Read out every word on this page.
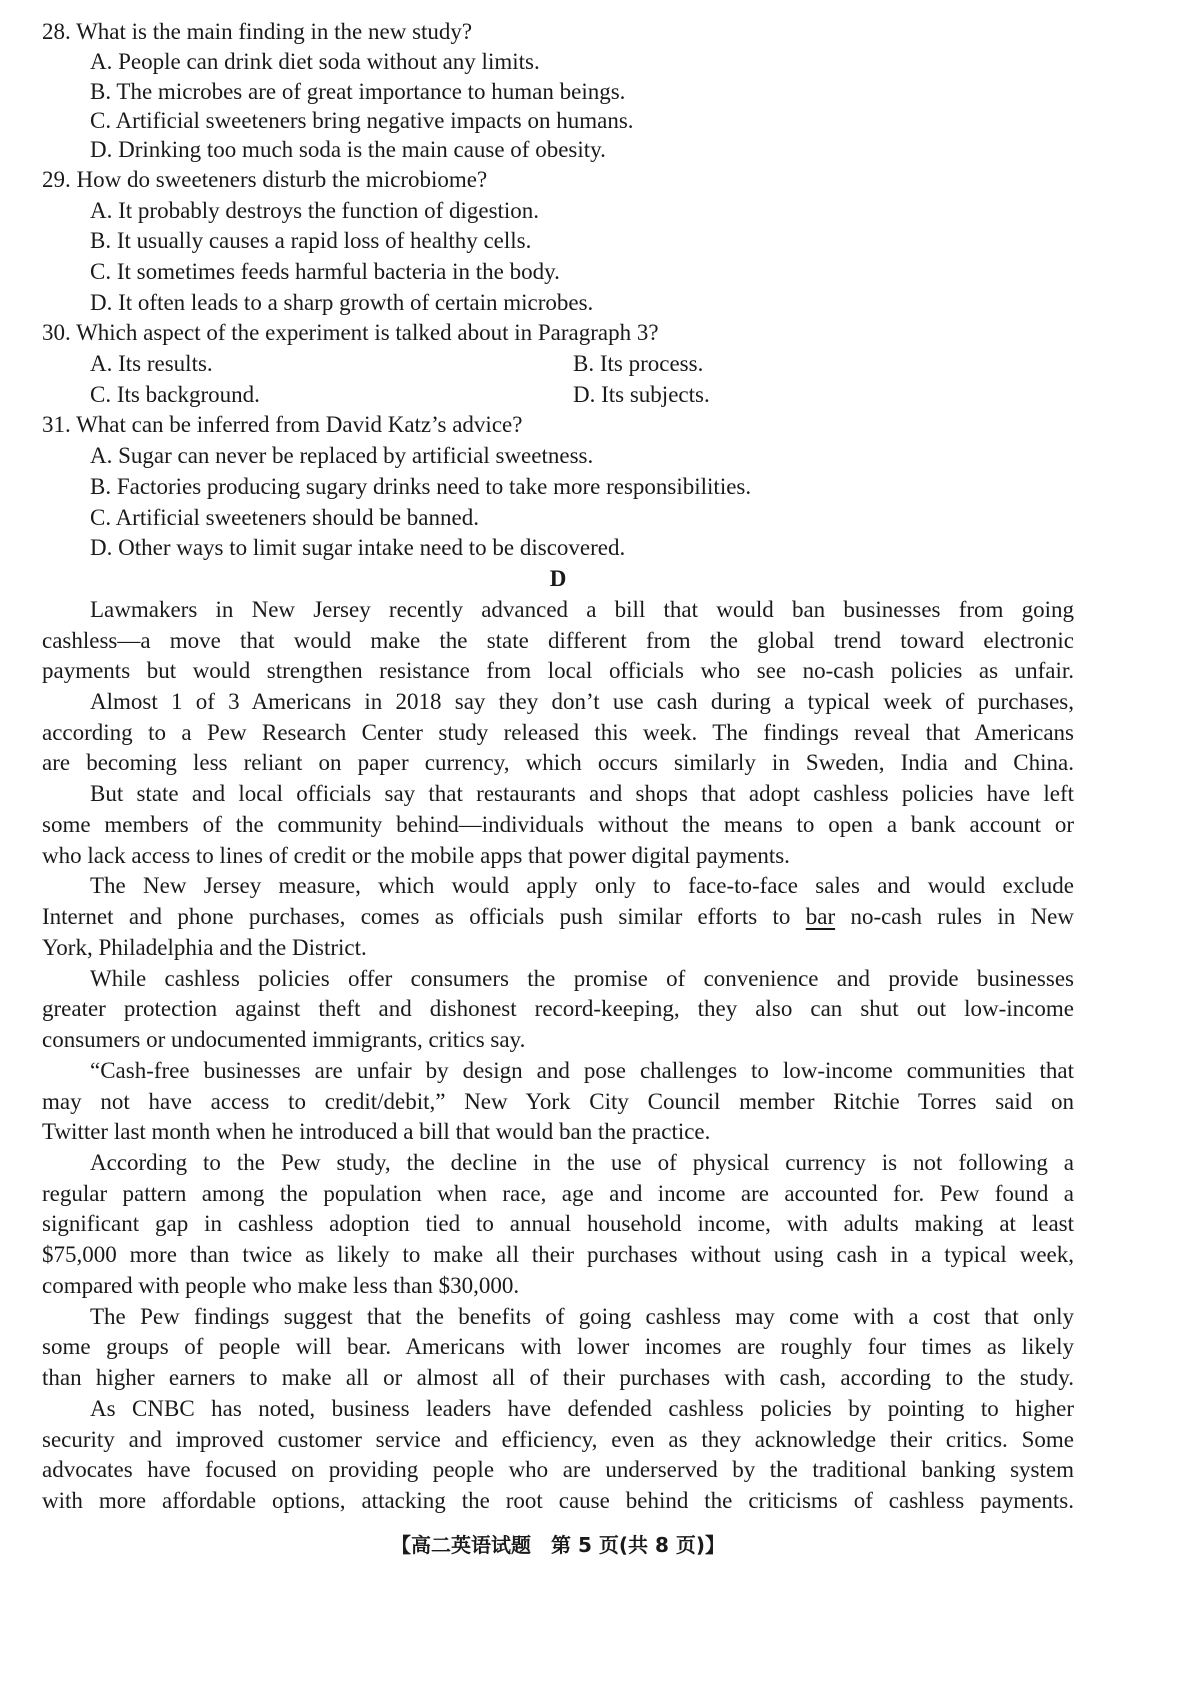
28. What is the main finding in the new study?
A. People can drink diet soda without any limits.
B. The microbes are of great importance to human beings.
C. Artificial sweeteners bring negative impacts on humans.
D. Drinking too much soda is the main cause of obesity.
29. How do sweeteners disturb the microbiome?
A. It probably destroys the function of digestion.
B. It usually causes a rapid loss of healthy cells.
C. It sometimes feeds harmful bacteria in the body.
D. It often leads to a sharp growth of certain microbes.
30. Which aspect of the experiment is talked about in Paragraph 3?
A. Its results.	B. Its process.
C. Its background.	D. Its subjects.
31. What can be inferred from David Katz’s advice?
A. Sugar can never be replaced by artificial sweetness.
B. Factories producing sugary drinks need to take more responsibilities.
C. Artificial sweeteners should be banned.
D. Other ways to limit sugar intake need to be discovered.
D
Lawmakers in New Jersey recently advanced a bill that would ban businesses from going
cashless—a move that would make the state different from the global trend toward electronic
payments but would strengthen resistance from local officials who see no-cash policies as unfair.
Almost 1 of 3 Americans in 2018 say they don’t use cash during a typical week of purchases,
according to a Pew Research Center study released this week. The findings reveal that Americans
are becoming less reliant on paper currency, which occurs similarly in Sweden, India and China.
But state and local officials say that restaurants and shops that adopt cashless policies have left
some members of the community behind—individuals without the means to open a bank account or
who lack access to lines of credit or the mobile apps that power digital payments.
The New Jersey measure, which would apply only to face-to-face sales and would exclude
Internet and phone purchases, comes as officials push similar efforts to bar no-cash rules in New
York, Philadelphia and the District.
While cashless policies offer consumers the promise of convenience and provide businesses
greater protection against theft and dishonest record-keeping, they also can shut out low-income
consumers or undocumented immigrants, critics say.
“Cash-free businesses are unfair by design and pose challenges to low-income communities that
may not have access to credit/debit,” New York City Council member Ritchie Torres said on
Twitter last month when he introduced a bill that would ban the practice.
According to the Pew study, the decline in the use of physical currency is not following a
regular pattern among the population when race, age and income are accounted for. Pew found a
significant gap in cashless adoption tied to annual household income, with adults making at least
$75,000 more than twice as likely to make all their purchases without using cash in a typical week,
compared with people who make less than $30,000.
The Pew findings suggest that the benefits of going cashless may come with a cost that only
some groups of people will bear. Americans with lower incomes are roughly four times as likely
than higher earners to make all or almost all of their purchases with cash, according to the study.
As CNBC has noted, business leaders have defended cashless policies by pointing to higher
security and improved customer service and efficiency, even as they acknowledge their critics. Some
advocates have focused on providing people who are underserved by the traditional banking system
with more affordable options, attacking the root cause behind the criticisms of cashless payments.
【高二英语试题　第 5 页(共 8 页)】
